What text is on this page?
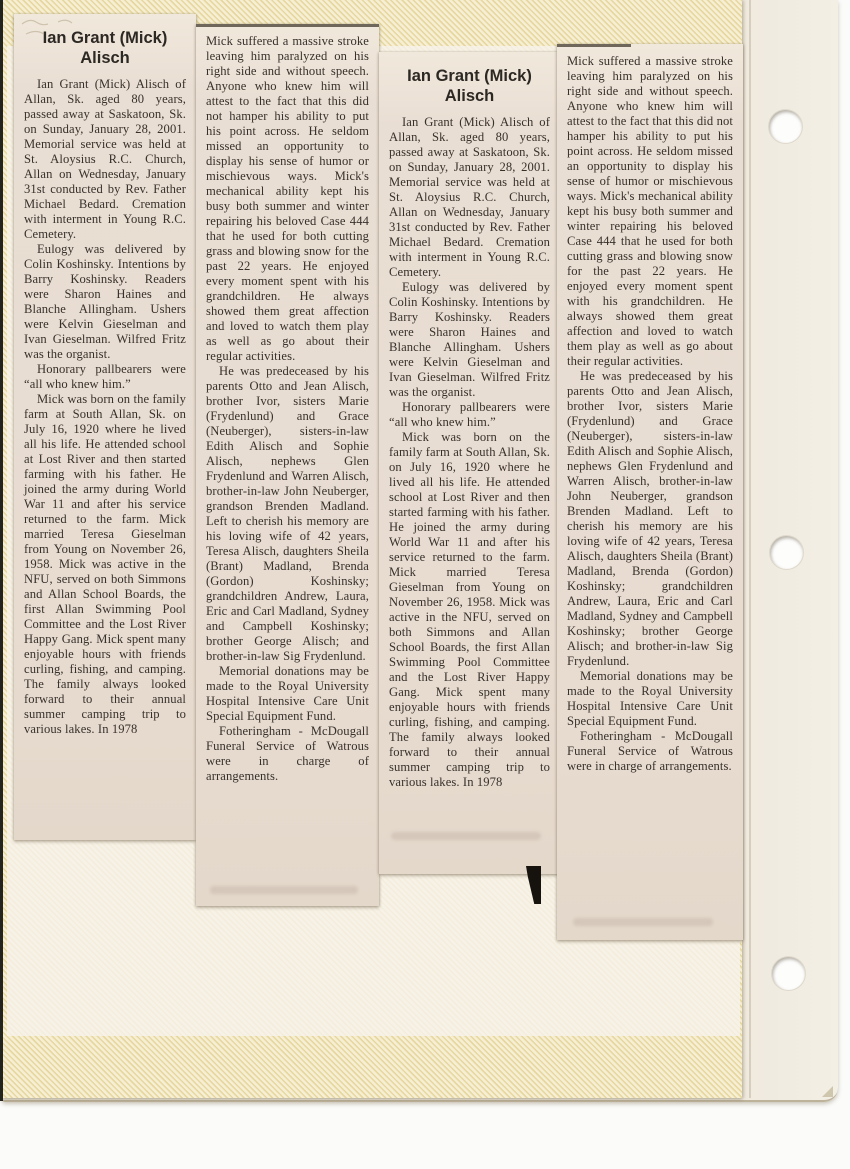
Ian Grant (Mick) Alisch

Ian Grant (Mick) Alisch of Allan, Sk. aged 80 years, passed away at Saskatoon, Sk. on Sunday, January 28, 2001. Memorial service was held at St. Aloysius R.C. Church, Allan on Wednesday, January 31st conducted by Rev. Father Michael Bedard. Cremation with interment in Young R.C. Cemetery.

Eulogy was delivered by Colin Koshinsky. Intentions by Barry Koshinsky. Readers were Sharon Haines and Blanche Allingham. Ushers were Kelvin Gieselman and Ivan Gieselman. Wilfred Fritz was the organist.

Honorary pallbearers were “all who knew him.”

Mick was born on the family farm at South Allan, Sk. on July 16, 1920 where he lived all his life. He attended school at Lost River and then started farming with his father. He joined the army during World War 11 and after his service returned to the farm. Mick married Teresa Gieselman from Young on November 26, 1958. Mick was active in the NFU, served on both Simmons and Allan School Boards, the first Allan Swimming Pool Committee and the Lost River Happy Gang. Mick spent many enjoyable hours with friends curling, fishing, and camping. The family always looked forward to their annual summer camping trip to various lakes. In 1978

Mick suffered a massive stroke leaving him paralyzed on his right side and without speech. Anyone who knew him will attest to the fact that this did not hamper his ability to put his point across. He seldom missed an opportunity to display his sense of humor or mischievous ways. Mick's mechanical ability kept his busy both summer and winter repairing his beloved Case 444 that he used for both cutting grass and blowing snow for the past 22 years. He enjoyed every moment spent with his grandchildren. He always showed them great affection and loved to watch them play as well as go about their regular activities.

He was predeceased by his parents Otto and Jean Alisch, brother Ivor, sisters Marie (Frydenlund) and Grace (Neuberger), sisters-in-law Edith Alisch and Sophie Alisch, nephews Glen Frydenlund and Warren Alisch, brother-in-law John Neuberger, grandson Brenden Madland. Left to cherish his memory are his loving wife of 42 years, Teresa Alisch, daughters Sheila (Brant) Madland, Brenda (Gordon) Koshinsky; grandchildren Andrew, Laura, Eric and Carl Madland, Sydney and Campbell Koshinsky; brother George Alisch; and brother-in-law Sig Frydenlund.

Memorial donations may be made to the Royal University Hospital Intensive Care Unit Special Equipment Fund.

Fotheringham - McDougall Funeral Service of Watrous were in charge of arrangements.

Ian Grant (Mick) Alisch

Ian Grant (Mick) Alisch of Allan, Sk. aged 80 years, passed away at Saskatoon, Sk. on Sunday, January 28, 2001. Memorial service was held at St. Aloysius R.C. Church, Allan on Wednesday, January 31st conducted by Rev. Father Michael Bedard. Cremation with interment in Young R.C. Cemetery.

Eulogy was delivered by Colin Koshinsky. Intentions by Barry Koshinsky. Readers were Sharon Haines and Blanche Allingham. Ushers were Kelvin Gieselman and Ivan Gieselman. Wilfred Fritz was the organist.

Honorary pallbearers were “all who knew him.”

Mick was born on the family farm at South Allan, Sk. on July 16, 1920 where he lived all his life. He attended school at Lost River and then started farming with his father. He joined the army during World War 11 and after his service returned to the farm. Mick married Teresa Gieselman from Young on November 26, 1958. Mick was active in the NFU, served on both Simmons and Allan School Boards, the first Allan Swimming Pool Committee and the Lost River Happy Gang. Mick spent many enjoyable hours with friends curling, fishing, and camping. The family always looked forward to their annual summer camping trip to various lakes. In 1978

Mick suffered a massive stroke leaving him paralyzed on his right side and without speech. Anyone who knew him will attest to the fact that this did not hamper his ability to put his point across. He seldom missed an opportunity to display his sense of humor or mischievous ways. Mick's mechanical ability kept his busy both summer and winter repairing his beloved Case 444 that he used for both cutting grass and blowing snow for the past 22 years. He enjoyed every moment spent with his grandchildren. He always showed them great affection and loved to watch them play as well as go about their regular activities.

He was predeceased by his parents Otto and Jean Alisch, brother Ivor, sisters Marie (Frydenlund) and Grace (Neuberger), sisters-in-law Edith Alisch and Sophie Alisch, nephews Glen Frydenlund and Warren Alisch, brother-in-law John Neuberger, grandson Brenden Madland. Left to cherish his memory are his loving wife of 42 years, Teresa Alisch, daughters Sheila (Brant) Madland, Brenda (Gordon) Koshinsky; grandchildren Andrew, Laura, Eric and Carl Madland, Sydney and Campbell Koshinsky; brother George Alisch; and brother-in-law Sig Frydenlund.

Memorial donations may be made to the Royal University Hospital Intensive Care Unit Special Equipment Fund.

Fotheringham - McDougall Funeral Service of Watrous were in charge of arrangements.
